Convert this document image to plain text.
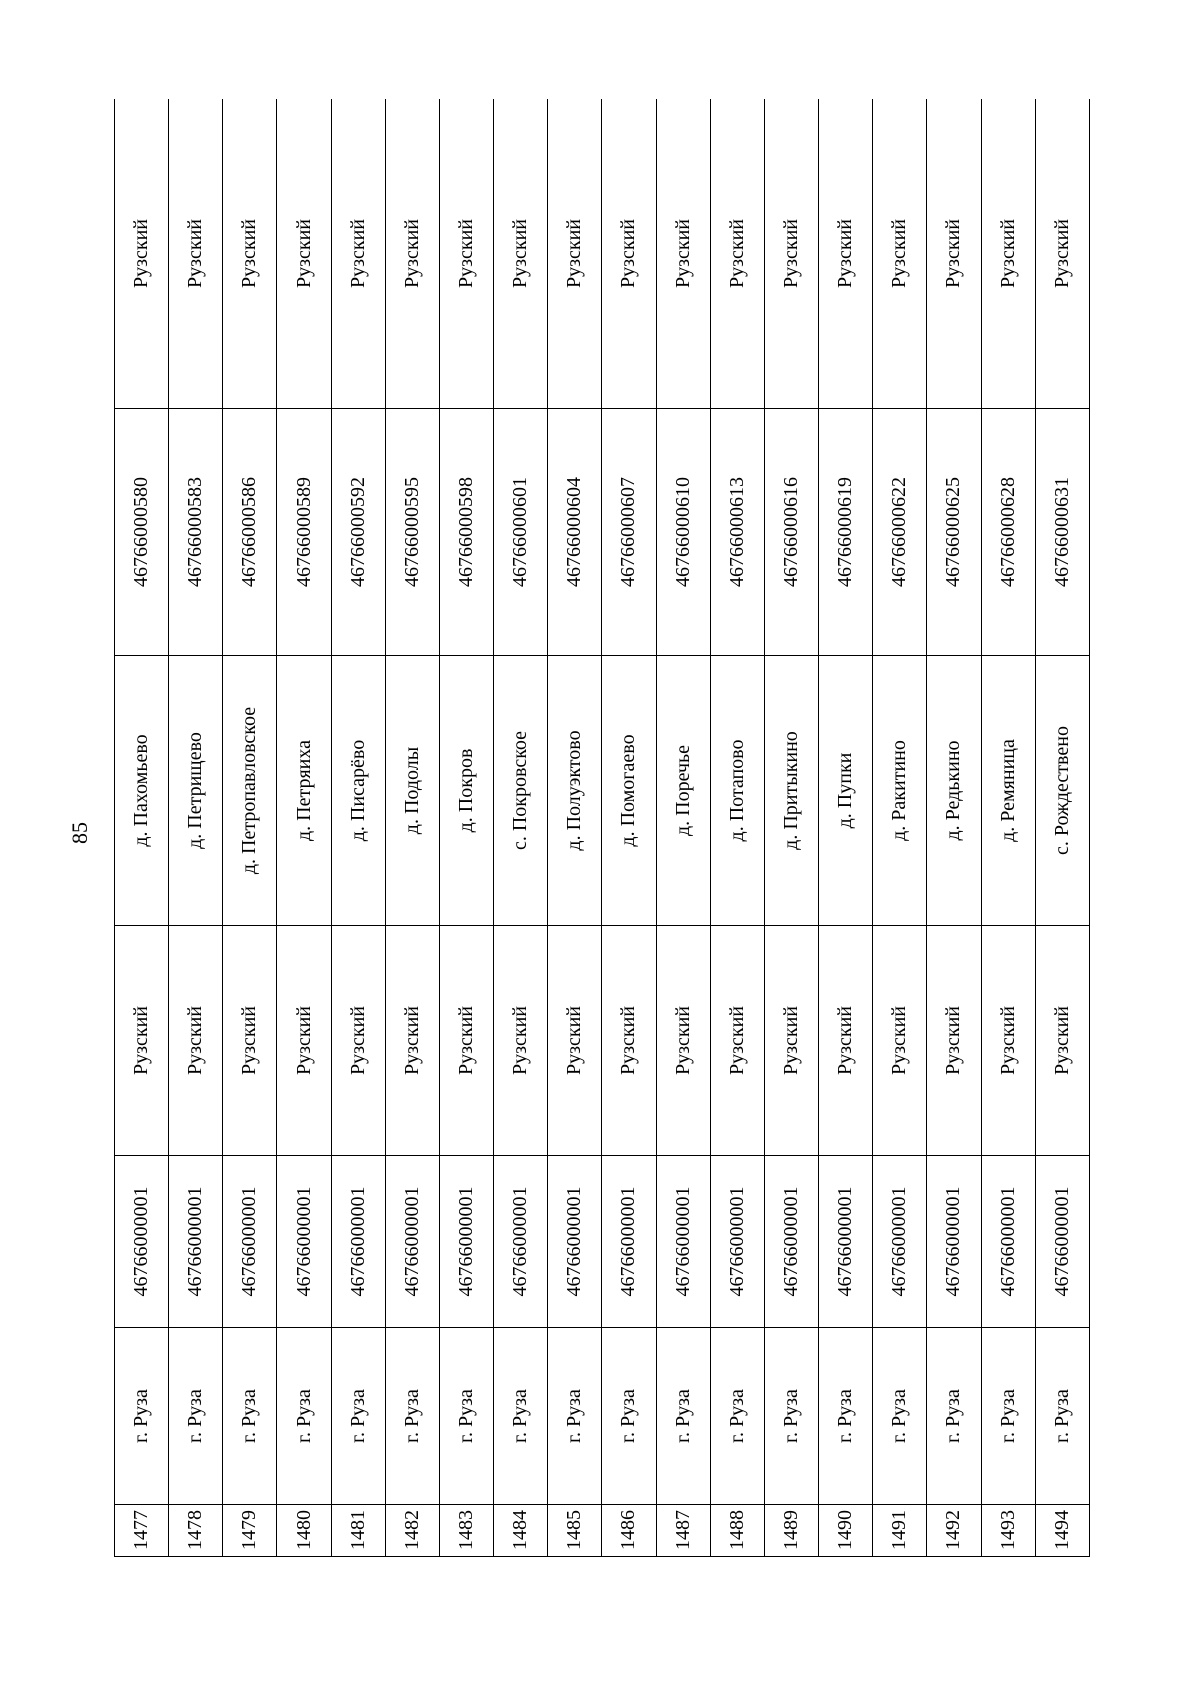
85
1477	г. Руза	46766000001	Рузский	д. Пахомьево	46766000580	Рузский
1478	г. Руза	46766000001	Рузский	д. Петрищево	46766000583	Рузский
1479	г. Руза	46766000001	Рузский	д. Петропавловское	46766000586	Рузский
1480	г. Руза	46766000001	Рузский	д. Петряиха	46766000589	Рузский
1481	г. Руза	46766000001	Рузский	д. Писарёво	46766000592	Рузский
1482	г. Руза	46766000001	Рузский	д. Подолы	46766000595	Рузский
1483	г. Руза	46766000001	Рузский	д. Покров	46766000598	Рузский
1484	г. Руза	46766000001	Рузский	с. Покровское	46766000601	Рузский
1485	г. Руза	46766000001	Рузский	д. Полуэктово	46766000604	Рузский
1486	г. Руза	46766000001	Рузский	д. Помогаево	46766000607	Рузский
1487	г. Руза	46766000001	Рузский	д. Поречье	46766000610	Рузский
1488	г. Руза	46766000001	Рузский	д. Потапово	46766000613	Рузский
1489	г. Руза	46766000001	Рузский	д. Притыкино	46766000616	Рузский
1490	г. Руза	46766000001	Рузский	д. Пупки	46766000619	Рузский
1491	г. Руза	46766000001	Рузский	д. Ракитино	46766000622	Рузский
1492	г. Руза	46766000001	Рузский	д. Редькино	46766000625	Рузский
1493	г. Руза	46766000001	Рузский	д. Ремяница	46766000628	Рузский
1494	г. Руза	46766000001	Рузский	с. Рождествено	46766000631	Рузский
